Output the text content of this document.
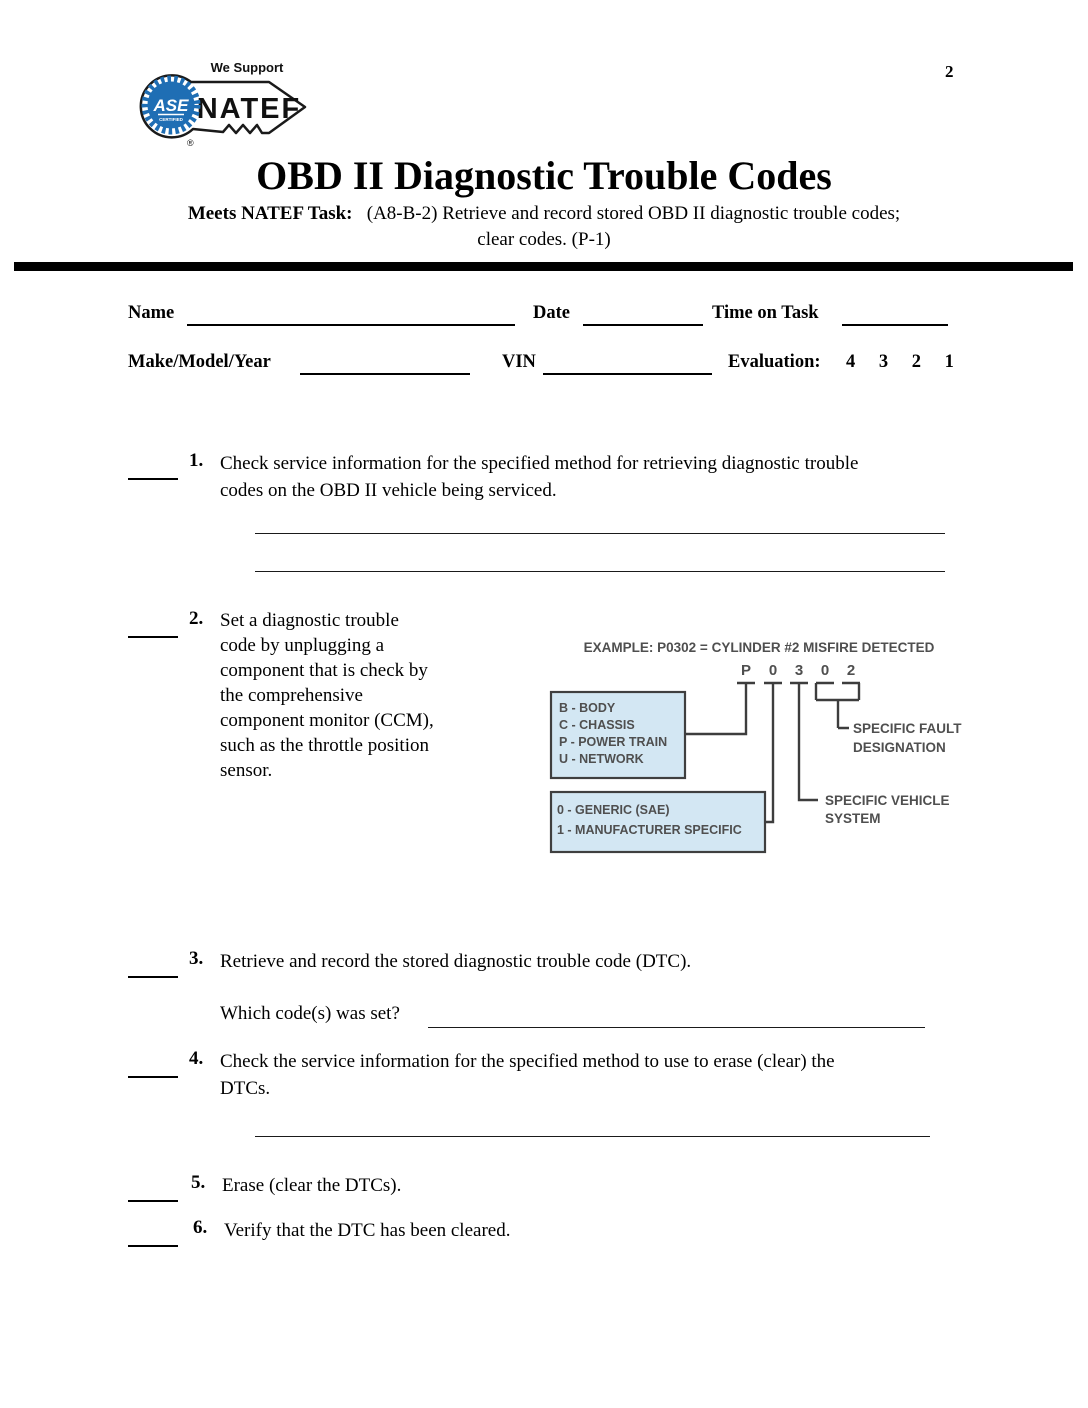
2
We Support
NATEF
ASE
CERTIFIED
®
OBD II Diagnostic Trouble Codes
Meets NATEF Task: (A8-B-2) Retrieve and record stored OBD II diagnostic trouble codes;
clear codes. (P-1)
Name	Date	Time on Task
Make/Model/Year	VIN	Evaluation: 4 3 2 1
1. Check service information for the specified method for retrieving diagnostic trouble
codes on the OBD II vehicle being serviced.
2. Set a diagnostic trouble
code by unplugging a
component that is check by
the comprehensive
component monitor (CCM),
such as the throttle position
sensor.
EXAMPLE: P0302 = CYLINDER #2 MISFIRE DETECTED
P 0 3 0 2
B - BODY
C - CHASSIS
P - POWER TRAIN
U - NETWORK
0 - GENERIC (SAE)
1 - MANUFACTURER SPECIFIC
SPECIFIC FAULT
DESIGNATION
SPECIFIC VEHICLE
SYSTEM
3. Retrieve and record the stored diagnostic trouble code (DTC).
Which code(s) was set?
4. Check the service information for the specified method to use to erase (clear) the
DTCs.
5. Erase (clear the DTCs).
6. Verify that the DTC has been cleared.
